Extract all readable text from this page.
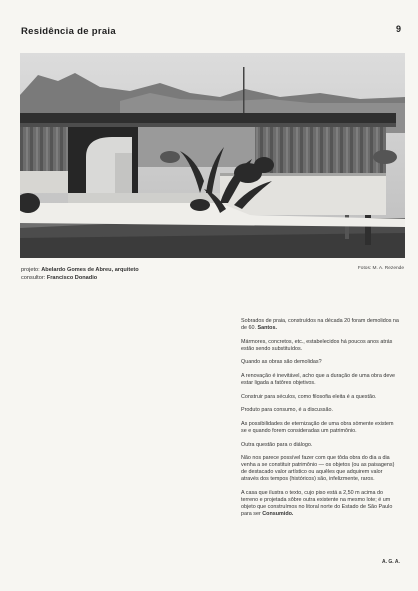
Residência de praia	9
projeto: Abelardo Gomes de Abreu, arquiteto
consultor: Francisco Donadio
Fotos: M. A. Rezende

Sobrados de praia, construídos na década 20 foram demolidos na de 60. Santos.

Mármores, concretos, etc., estabelecidos há poucos anos atrás estão sendo substituídos.

Quando as obras são demolidas?

A renovação é inevitável, acho que a duração de uma obra deve estar ligada a fatôres objetivos.

Construir para séculos, como filosofia eleita é a questão.

Produto para consumo, é a discussão.

As possibilidades de eternização de uma obra sòmente existem se e quando forem consideradas um patrimônio.

Outra questão para o diálogo.

Não nos parece possível fazer com que tôda obra do dia a dia venha a se constituir patrimônio — os objetos (ou as paisagens) de destacado valor artístico ou aquêles que adquirem valor através dos tempos (históricos) são, infelizmente, raros.

A casa que ilustra o texto, cujo piso está a 2,50 m acima do terreno e projetada sôbre outra existente na mesmo lote; é um objeto que construímos no litoral norte do Estado de São Paulo para ser Consumido.

A. G. A.
